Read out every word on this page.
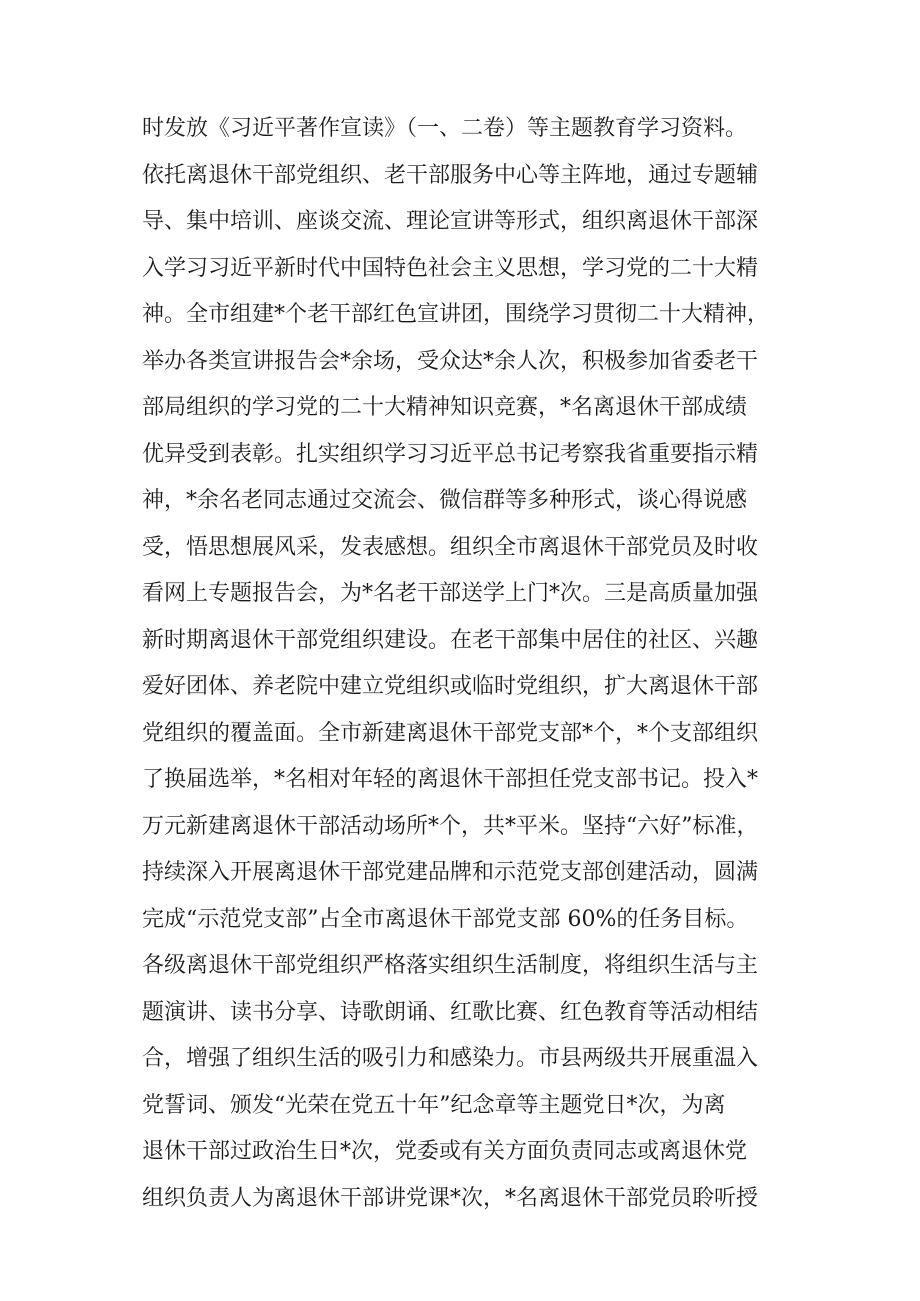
时发放《习近平著作宣读》（一、二卷）等主题教育学习资料。
依托离退休干部党组织、老干部服务中心等主阵地，通过专题辅
导、集中培训、座谈交流、理论宣讲等形式，组织离退休干部深
入学习习近平新时代中国特色社会主义思想，学习党的二十大精
神。全市组建*个老干部红色宣讲团，围绕学习贯彻二十大精神，
举办各类宣讲报告会*余场，受众达*余人次，积极参加省委老干
部局组织的学习党的二十大精神知识竞赛，*名离退休干部成绩
优异受到表彰。扎实组织学习习近平总书记考察我省重要指示精
神，*余名老同志通过交流会、微信群等多种形式，谈心得说感
受，悟思想展风采，发表感想。组织全市离退休干部党员及时收
看网上专题报告会，为*名老干部送学上门*次。三是高质量加强
新时期离退休干部党组织建设。在老干部集中居住的社区、兴趣
爱好团体、养老院中建立党组织或临时党组织，扩大离退休干部
党组织的覆盖面。全市新建离退休干部党支部*个，*个支部组织
了换届选举，*名相对年轻的离退休干部担任党支部书记。投入*
万元新建离退休干部活动场所*个，共*平米。坚持“六好”标准，
持续深入开展离退休干部党建品牌和示范党支部创建活动，圆满
完成“示范党支部”占全市离退休干部党支部 60%的任务目标。
各级离退休干部党组织严格落实组织生活制度，将组织生活与主
题演讲、读书分享、诗歌朗诵、红歌比赛、红色教育等活动相结
合，增强了组织生活的吸引力和感染力。市县两级共开展重温入
党誓词、颁发“光荣在党五十年”纪念章等主题党日*次，为离
退休干部过政治生日*次，党委或有关方面负责同志或离退休党
组织负责人为离退休干部讲党课*次，*名离退休干部党员聆听授
